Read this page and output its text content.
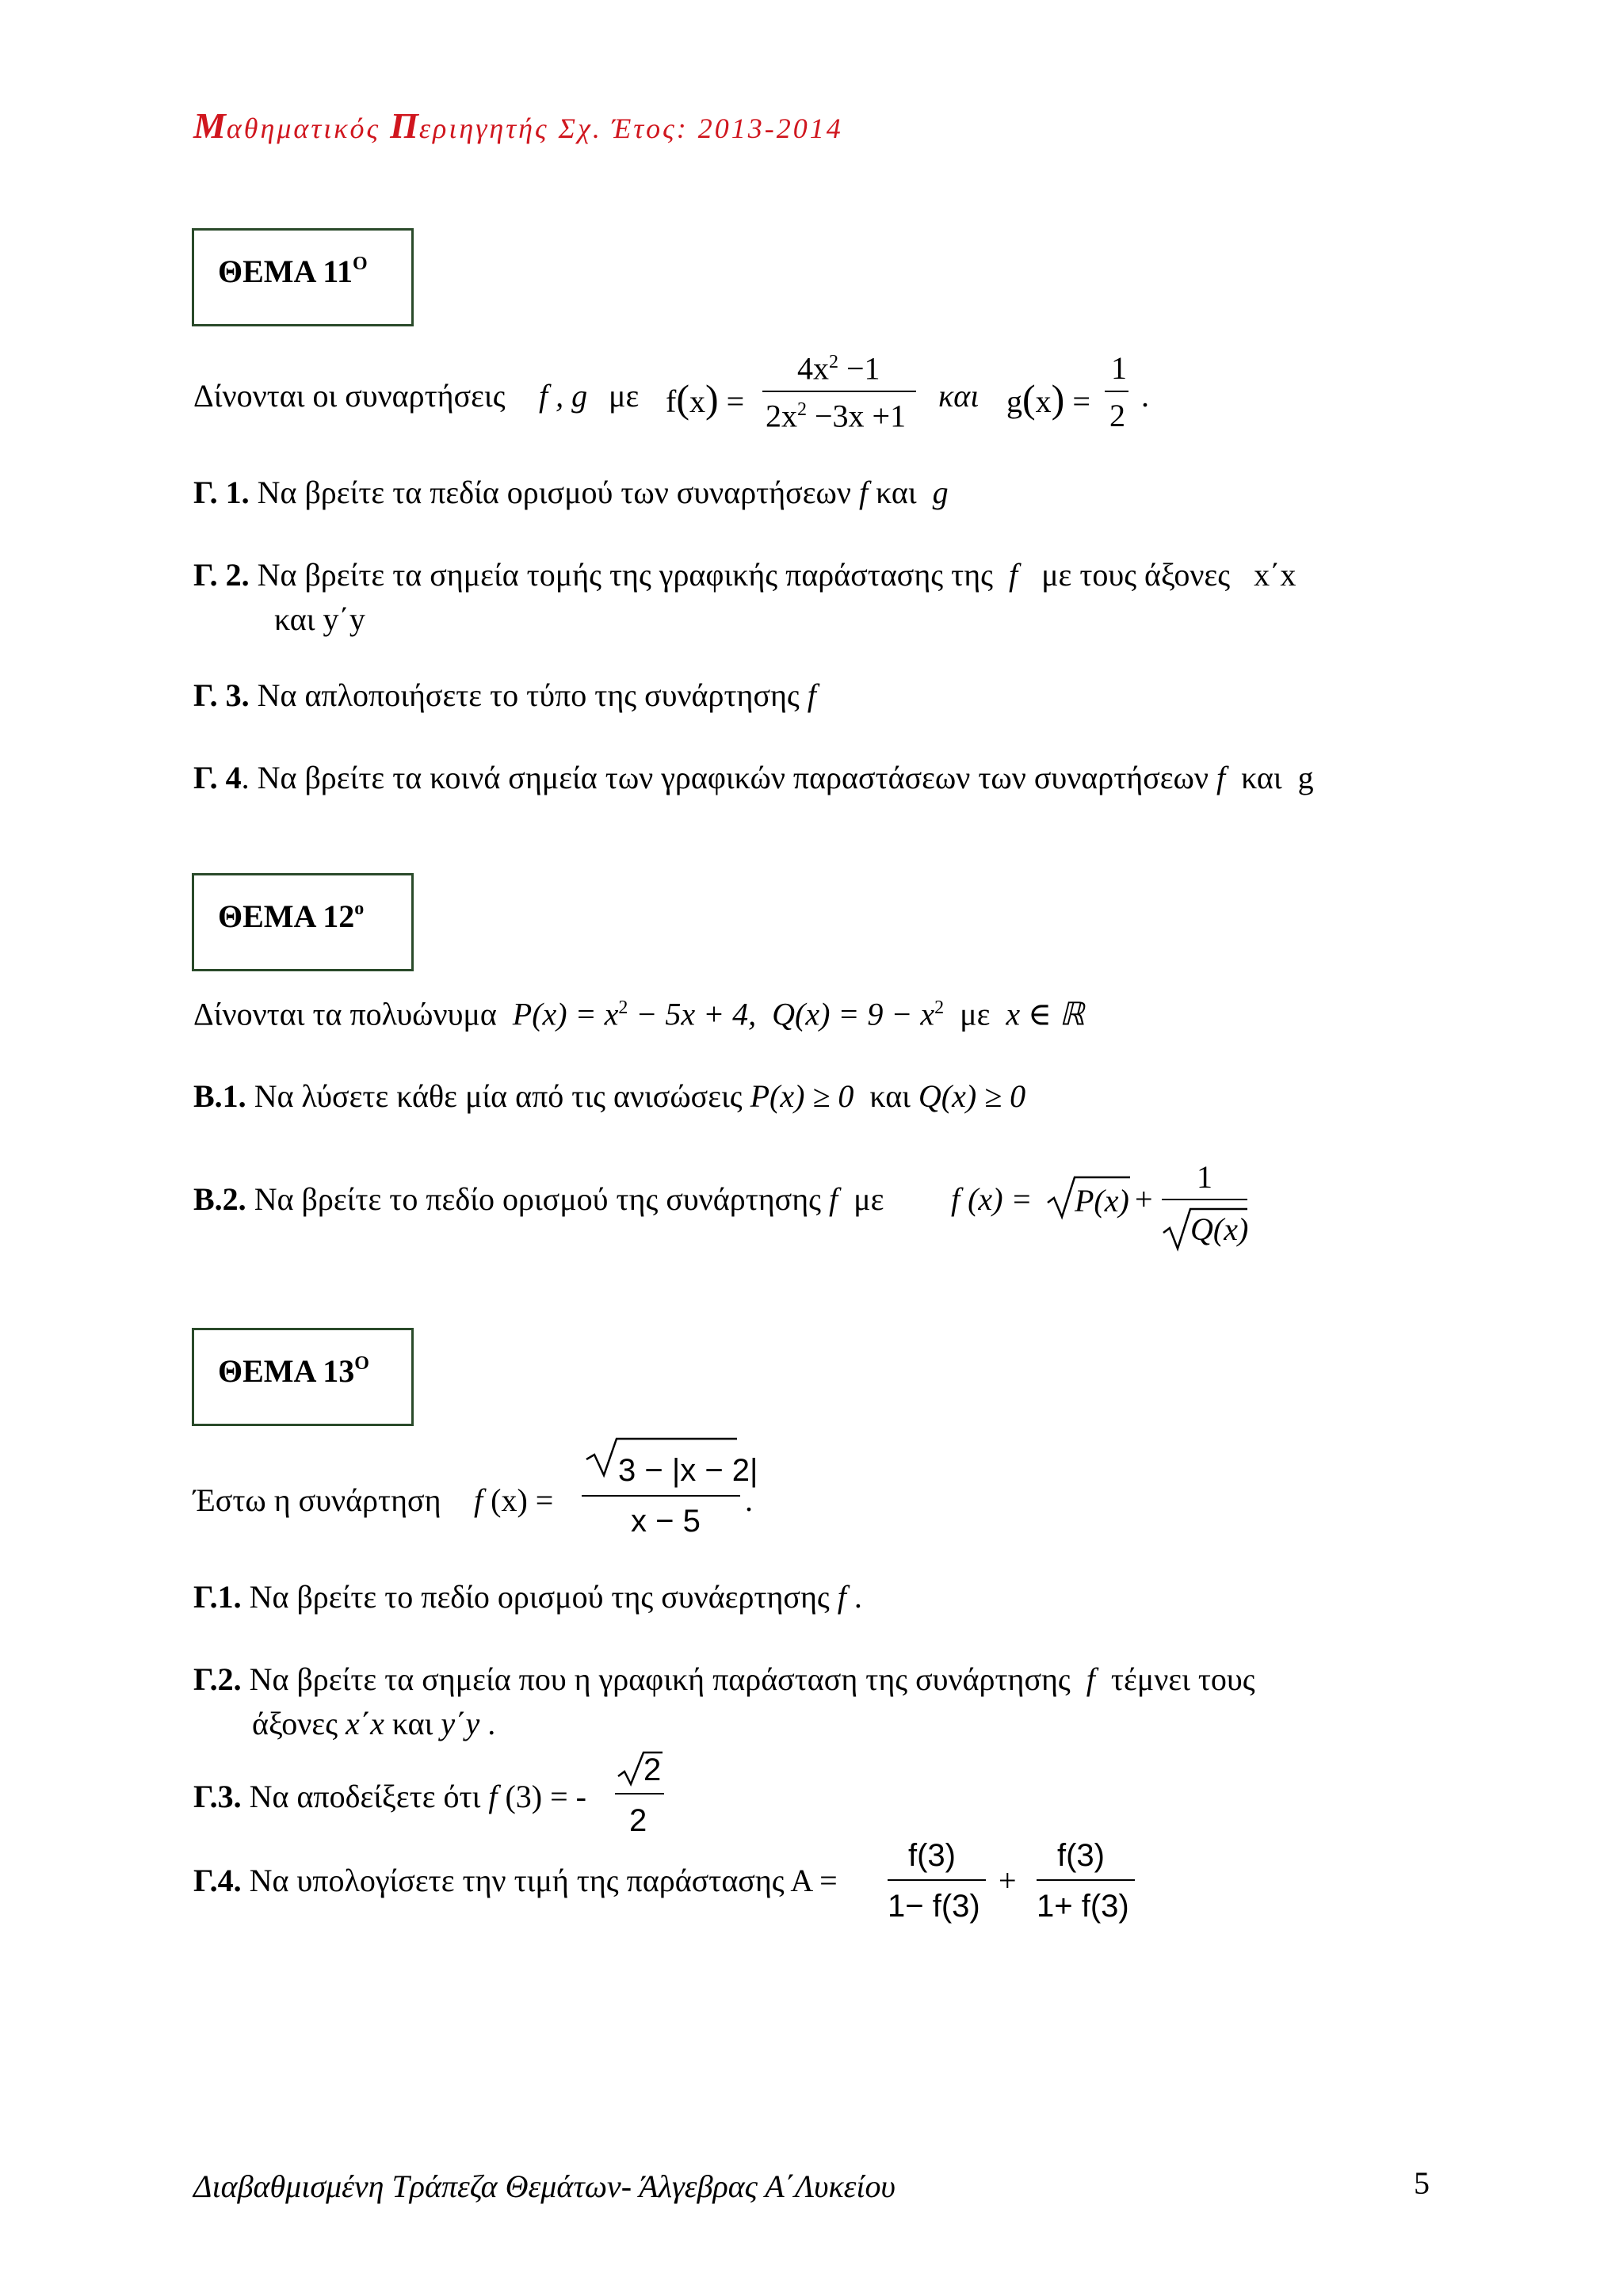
Μαθηματικός Περιηγητής Σχ. Έτος: 2013-2014
ΘΕΜΑ $11^O$
Δίνονται οι συναρτήσεις f , g με f(x) =
$4x^2 -1$
$2x^2 -3x +1$
και g(x) =
1
2
.
Γ. 1. Να βρείτε τα πεδία ορισμού των συναρτήσεων f και g
Γ. 2. Να βρείτε τα σημεία τομής της γραφικής παράστασης της f με τους άξονες x΄x
και y΄y
Γ. 3. Να απλοποιήσετε το τύπο της συνάρτησης f
Γ. 4. Να βρείτε τα κοινά σημεία των γραφικών παραστάσεων των συναρτήσεων f και g
ΘΕΜΑ $12^o$
Δίνονται τα πολυώνυμα $P(x) = x^2 - 5x + 4$, $Q(x) = 9 - x^2$ με x ∈ ℝ
Β.1. Να λύσετε κάθε μία από τις ανισώσεις P(x) ≥ 0 και Q(x) ≥ 0
Β.2. Να βρείτε το πεδίο ορισμού της συνάρτησης f με f (x) = P(x) +
1
Q(x)
ΘΕΜΑ $13^O$
Έστω η συνάρτηση f (x) =
3 − |x − 2|
x − 5
.
Γ.1. Να βρείτε το πεδίο ορισμού της συνάερτησης f .
Γ.2. Να βρείτε τα σημεία που η γραφική παράσταση της συνάρτησης f τέμνει τους
άξονες x΄x και y΄y .
Γ.3. Να αποδείξετε ότι f (3) = -
2
2
Γ.4. Να υπολογίσετε την τιμή της παράστασης Α =
f(3)
1− f(3)
+
f(3)
1+ f(3)
Διαβαθμισμένη Τράπεζα Θεμάτων- Άλγεβρας Α΄Λυκείου	5
